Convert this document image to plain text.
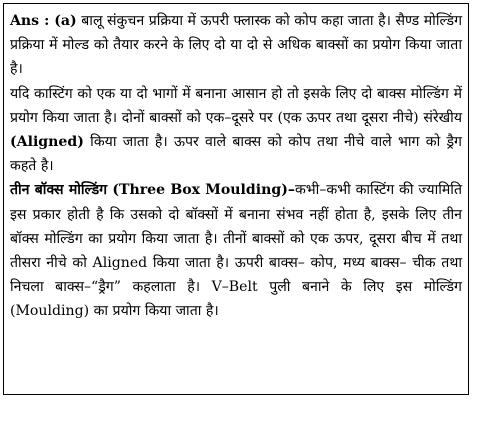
Ans : (a) बालू संकुचन प्रक्रिया में ऊपरी फ्लास्क को कोप कहा जाता है। सैण्ड मोल्डिंग प्रक्रिया में मोल्ड को तैयार करने के लिए दो या दो से अधिक बाक्सों का प्रयोग किया जाता है।

यदि कास्टिंग को एक या दो भागों में बनाना आसान हो तो इसके लिए दो बाक्स मोल्डिंग में प्रयोग किया जाता है। दोनों बाक्सों को एक–दूसरे पर (एक ऊपर तथा दूसरा नीचे) संरेखीय (Aligned) किया जाता है। ऊपर वाले बाक्स को कोप तथा नीचे वाले भाग को ड्रैग कहते है।

तीन बॉक्स मोल्डिंग (Three Box Moulding)–कभी–कभी कास्टिंग की ज्यामिति इस प्रकार होती है कि उसको दो बॉक्सों में बनाना संभव नहीं होता है, इसके लिए तीन बॉक्स मोल्डिंग का प्रयोग किया जाता है। तीनों बाक्सों को एक ऊपर, दूसरा बीच में तथा तीसरा नीचे को Aligned किया जाता है। ऊपरी बाक्स– कोप, मध्य बाक्स– चीक तथा निचला बाक्स–“ड्रैग” कहलाता है। V–Belt पुली बनाने के लिए इस मोल्डिंग (Moulding) का प्रयोग किया जाता है।
